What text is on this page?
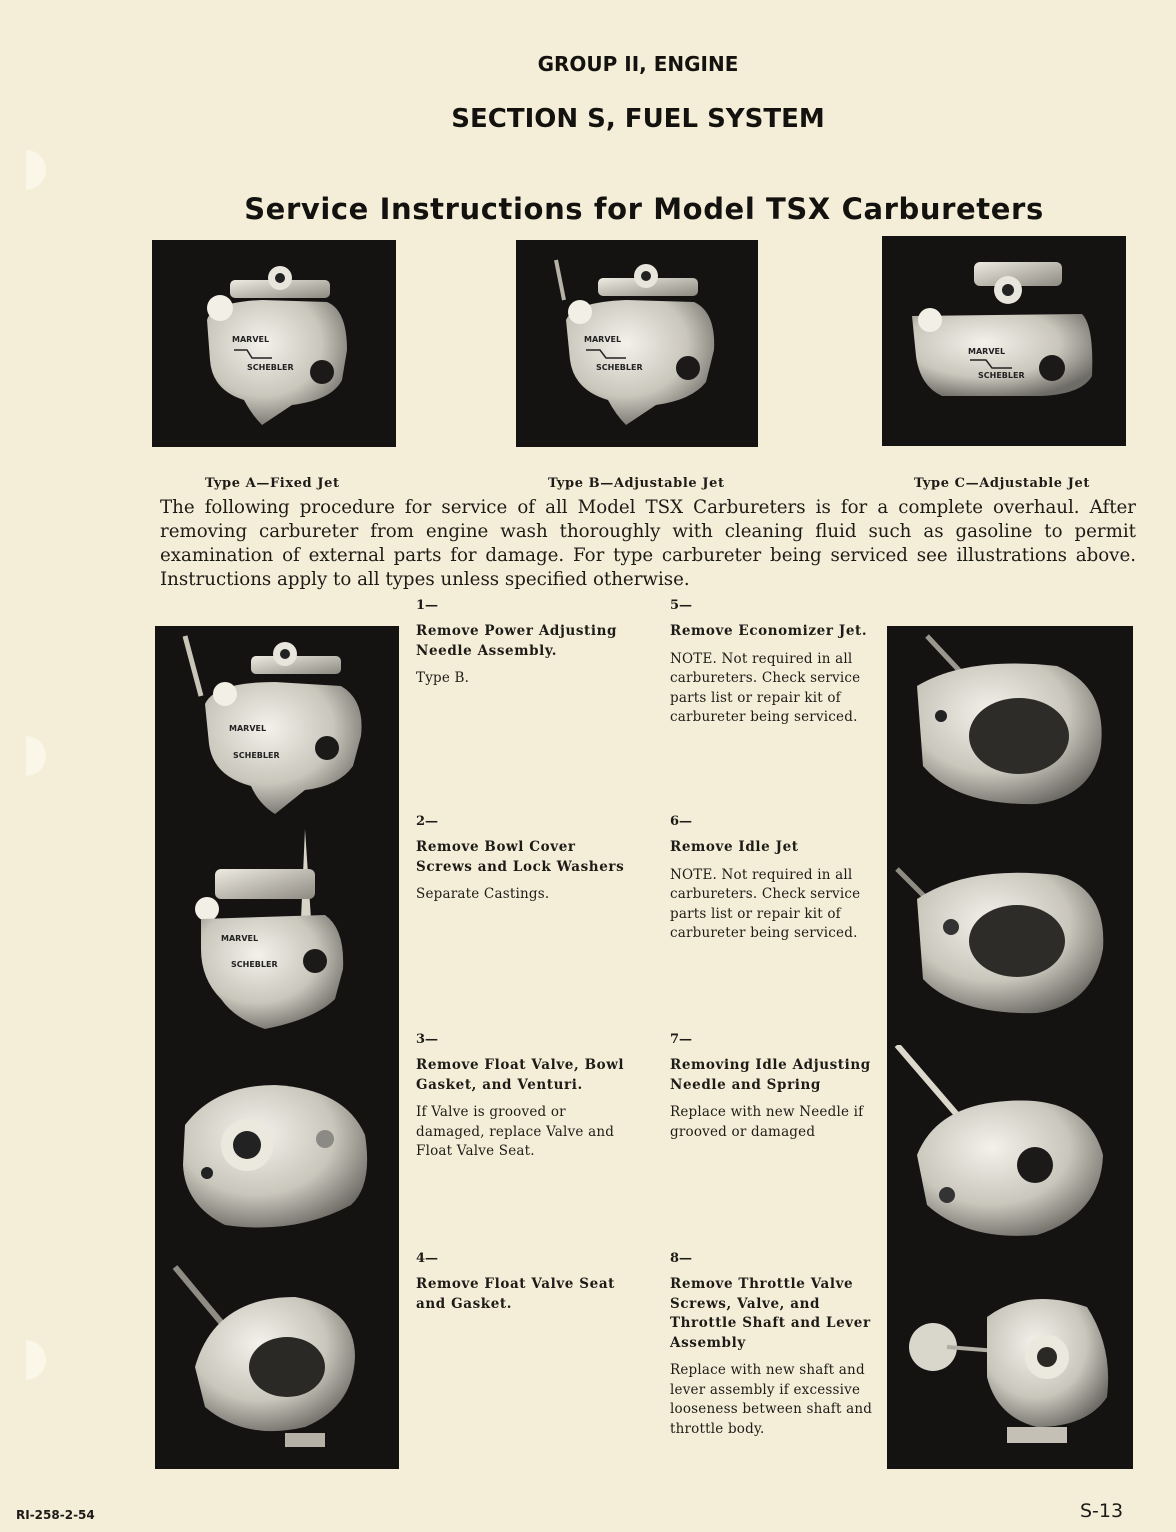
GROUP II, ENGINE
SECTION S, FUEL SYSTEM
Service Instructions for Model TSX Carbureters
MARVEL
SCHEBLER
MARVEL
SCHEBLER
MARVEL
SCHEBLER
Type A—Fixed Jet	Type B—Adjustable Jet	Type C—Adjustable Jet
The following procedure for service of all Model TSX Carbureters is for a complete overhaul. After removing carbureter from engine wash thoroughly with cleaning fluid such as gasoline to permit examination of external parts for damage. For type carbureter being serviced see illustrations above. Instructions apply to all types unless specified otherwise.
MARVEL
SCHEBLER
MARVEL
SCHEBLER
1—
Remove Power Adjusting Needle Assembly.
Type B.
2—
Remove Bowl Cover Screws and Lock Washers
Separate Castings.
3—
Remove Float Valve, Bowl Gasket, and Venturi.
If Valve is grooved or damaged, replace Valve and Float Valve Seat.
4—
Remove Float Valve Seat and Gasket.
5—
Remove Economizer Jet.
NOTE. Not required in all carbureters. Check service parts list or repair kit of carbureter being serviced.
6—
Remove Idle Jet
NOTE. Not required in all carbureters. Check service parts list or repair kit of carbureter being serviced.
7—
Removing Idle Adjusting Needle and Spring
Replace with new Needle if grooved or damaged
8—
Remove Throttle Valve Screws, Valve, and Throttle Shaft and Lever Assembly
Replace with new shaft and lever assembly if excessive looseness between shaft and throttle body.
RI-258-2-54	S-13
